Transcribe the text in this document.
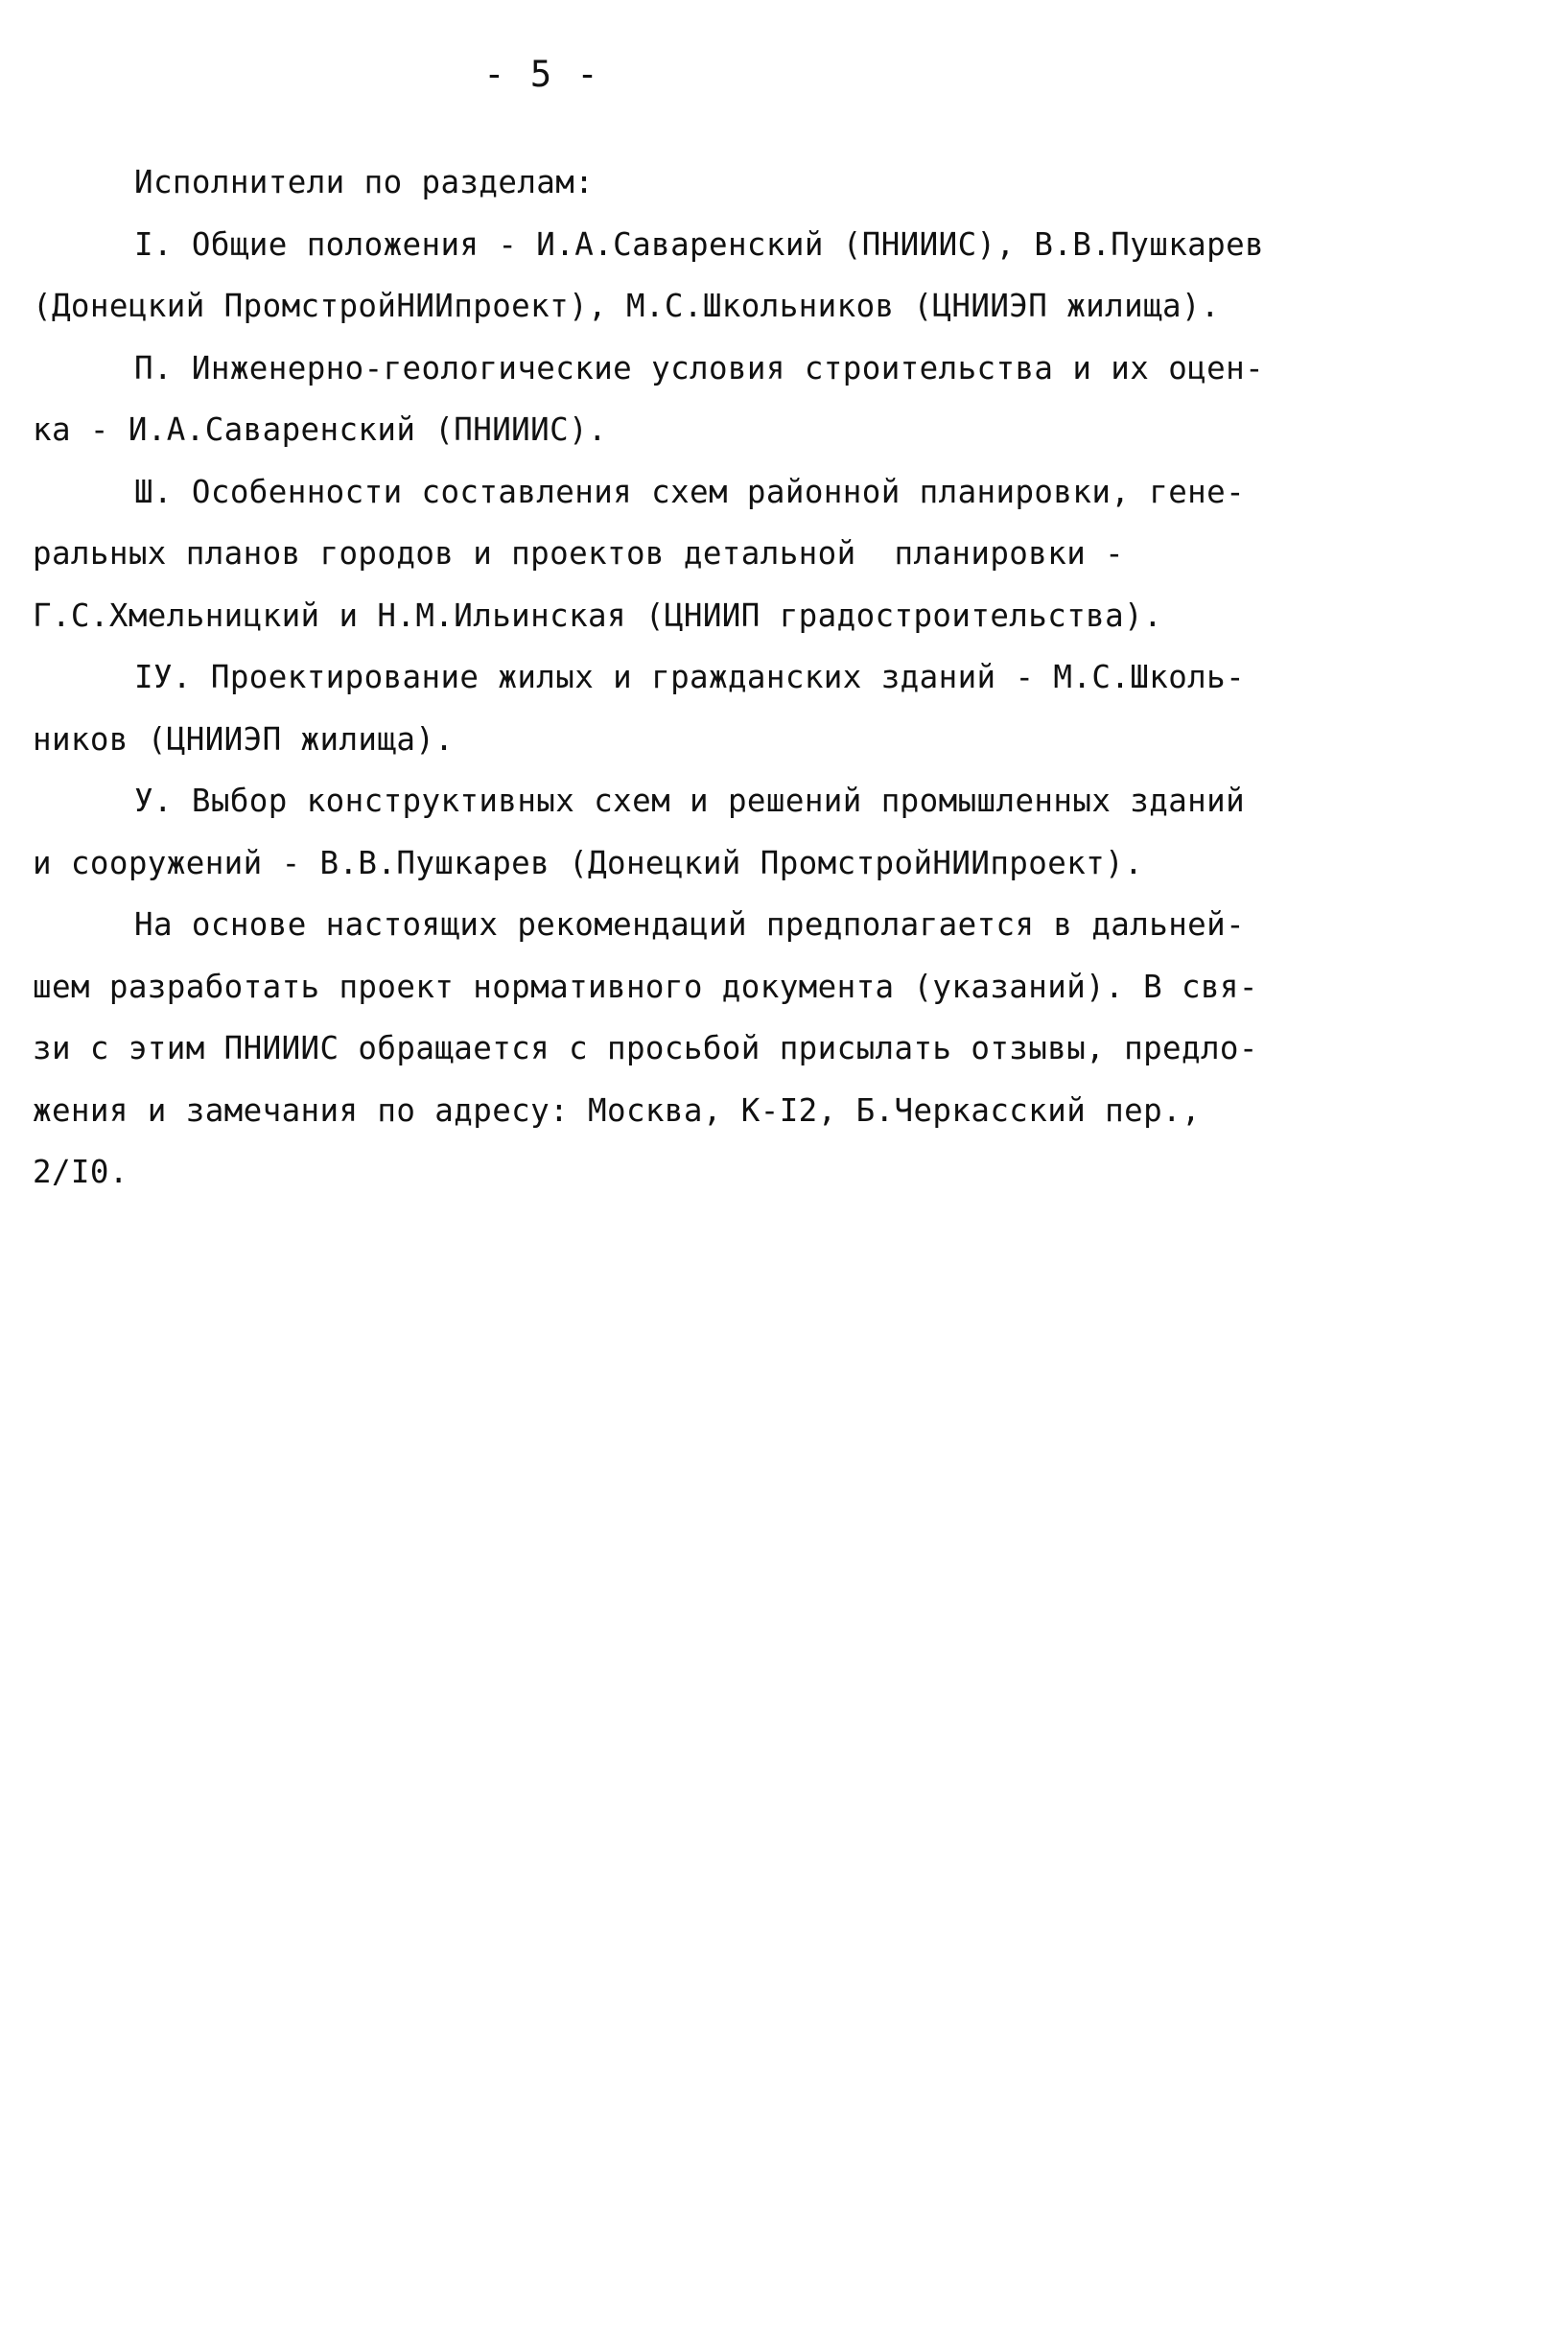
- 5 -
Исполнители по разделам:
I. Общие положения - И.А.Саваренский (ПНИИИС), В.В.Пушкарев
(Донецкий ПромстройНИИпроект), М.С.Школьников (ЦНИИЭП жилища).
П. Инженерно-геологические условия строительства и их оцен-
ка - И.А.Саваренский (ПНИИИС).
Ш. Особенности составления схем районной планировки, гене-
ральных планов городов и проектов детальной  планировки -
Г.С.Хмельницкий и Н.М.Ильинская (ЦНИИП градостроительства).
IУ. Проектирование жилых и гражданских зданий - М.С.Школь-
ников (ЦНИИЭП жилища).
У. Выбор конструктивных схем и решений промышленных зданий
и сооружений - В.В.Пушкарев (Донецкий ПромстройНИИпроект).
На основе настоящих рекомендаций предполагается в дальней-
шем разработать проект нормативного документа (указаний). В свя-
зи с этим ПНИИИС обращается с просьбой присылать отзывы, предло-
жения и замечания по адресу: Москва, К-I2, Б.Черкасский пер.,
2/I0.
